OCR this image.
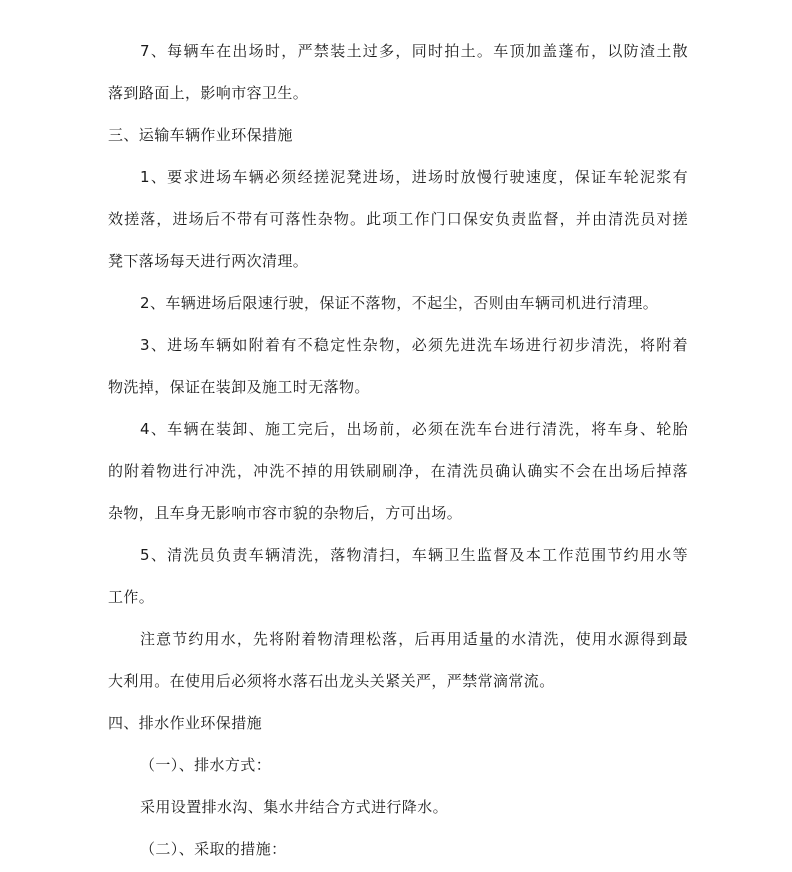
7、每辆车在出场时，严禁装土过多，同时拍土。车顶加盖蓬布，以防渣土散
落到路面上，影响市容卫生。
三、运输车辆作业环保措施
1、要求进场车辆必须经搓泥凳进场，进场时放慢行驶速度，保证车轮泥浆有
效搓落，进场后不带有可落性杂物。此项工作门口保安负责监督，并由清洗员对搓
凳下落场每天进行两次清理。
2、车辆进场后限速行驶，保证不落物，不起尘，否则由车辆司机进行清理。
3、进场车辆如附着有不稳定性杂物，必须先进洗车场进行初步清洗，将附着
物洗掉，保证在装卸及施工时无落物。
4、车辆在装卸、施工完后，出场前，必须在洗车台进行清洗，将车身、轮胎
的附着物进行冲洗，冲洗不掉的用铁刷刷净，在清洗员确认确实不会在出场后掉落
杂物，且车身无影响市容市貌的杂物后，方可出场。
5、清洗员负责车辆清洗，落物清扫，车辆卫生监督及本工作范围节约用水等
工作。
注意节约用水，先将附着物清理松落，后再用适量的水清洗，使用水源得到最
大利用。在使用后必须将水落石出龙头关紧关严，严禁常滴常流。
四、排水作业环保措施
（一）、排水方式：
采用设置排水沟、集水井结合方式进行降水。
（二）、采取的措施：
